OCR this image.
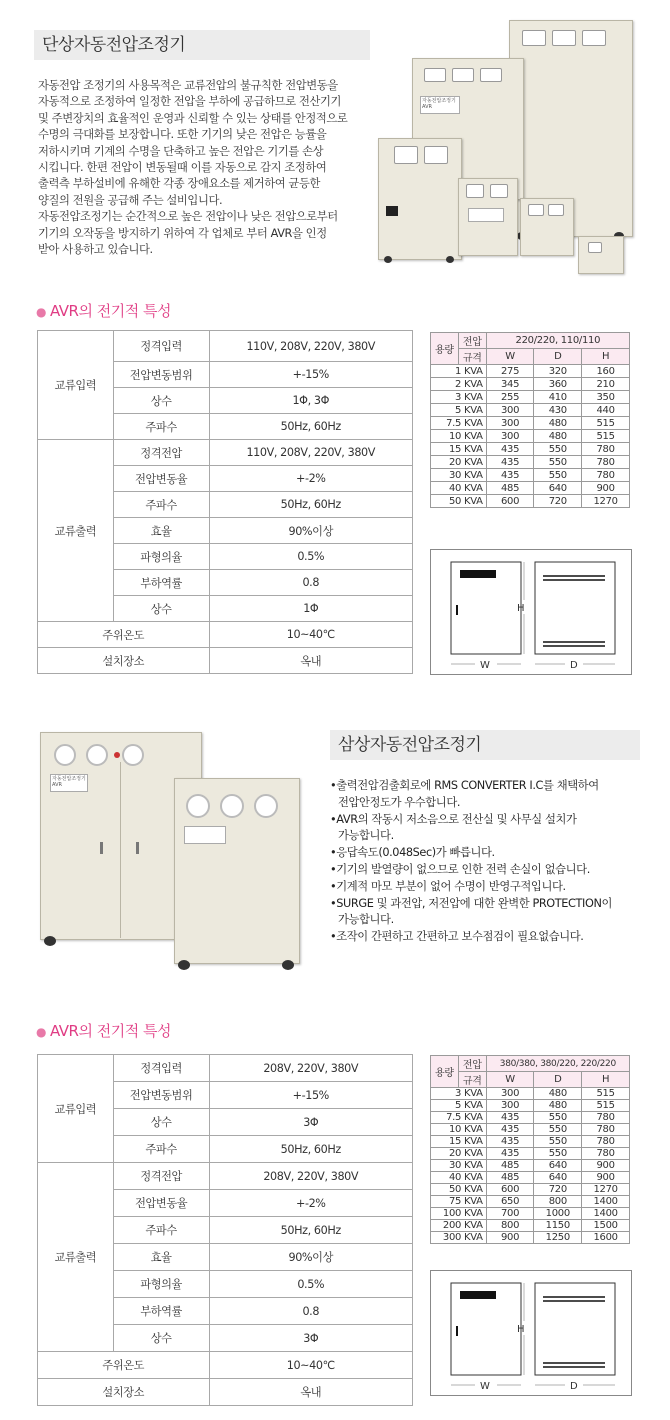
단상자동전압조정기

자동전압 조정기의 사용목적은 교류전압의 불규칙한 전압변동을

자동적으로 조정하여 일정한 전압을 부하에 공급하므로 전산기기

및 주변장치의 효율적인 운영과 신뢰할 수 있는 상태를 안정적으로

수명의 극대화를 보장합니다. 또한 기기의 낮은 전압은 능률을

저하시키며 기계의 수명을 단축하고 높은 전압은 기기를 손상

시킵니다. 한편 전압이 변동될때 이를 자동으로 감지 조정하여

출력측 부하설비에 유해한 각종 장애요소를 제거하여 균등한

양질의 전원을 공급해 주는 설비입니다.

자동전압조정기는 순간적으로 높은 전압이나 낮은 전압으로부터

기기의 오작동을 방지하기 위하여 각 업체로 부터 AVR을 인정

받아 사용하고 있습니다.

자동전압조정기
AVR
● AVR의 전기적 특성
교류입력	정격입력	110V, 208V, 220V, 380V
	전압변동범위	+-15%
	상수	1Φ, 3Φ
	주파수	50Hz, 60Hz
교류출력	정격전압	110V, 208V, 220V, 380V
	전압변동율	+-2%
	주파수	50Hz, 60Hz
	효율	90%이상
	파형의율	0.5%
	부하역률	0.8
	상수	1Φ
주위온도		10~40℃
설치장소		옥내
용량	전압	220/220, 110/110		
	규격	W	D	H
1 KVA		275	320	160
2 KVA		345	360	210
3 KVA		255	410	350
5 KVA		300	430	440
7.5 KVA		300	480	515
10 KVA		300	480	515
15 KVA		435	550	780
20 KVA		435	550	780
30 KVA		435	550	780
40 KVA		485	640	900
50 KVA		600	720	1270
H
W	D
자동전압조정기
AVR
삼상자동전압조정기
•출력전압검출회로에 RMS CONVERTER I.C를 채택하여
전압안정도가 우수합니다.
•AVR의 작동시 저소음으로 전산실 및 사무실 설치가
가능합니다.
•응답속도(0.048Sec)가 빠릅니다.
•기기의 발열량이 없으므로 인한 전력 손실이 없습니다.
•기계적 마모 부분이 없어 수명이 반영구적입니다.
•SURGE 및 과전압, 저전압에 대한 완벽한 PROTECTION이
가능합니다.
•조작이 간편하고 간편하고 보수점검이 필요없습니다.
● AVR의 전기적 특성
교류입력	정격입력	208V, 220V, 380V
	전압변동범위	+-15%
	상수	3Φ
	주파수	50Hz, 60Hz
교류출력	정격전압	208V, 220V, 380V
	전압변동율	+-2%
	주파수	50Hz, 60Hz
	효율	90%이상
	파형의율	0.5%
	부하역률	0.8
	상수	3Φ
주위온도		10~40℃
설치장소		옥내
용량	전압	380/380, 380/220, 220/220		
	규격	W	D	H
3 KVA		300	480	515
5 KVA		300	480	515
7.5 KVA		435	550	780
10 KVA		435	550	780
15 KVA		435	550	780
20 KVA		435	550	780
30 KVA		485	640	900
40 KVA		485	640	900
50 KVA		600	720	1270
75 KVA		650	800	1400
100 KVA		700	1000	1400
200 KVA		800	1150	1500
300 KVA		900	1250	1600
H
W	D
